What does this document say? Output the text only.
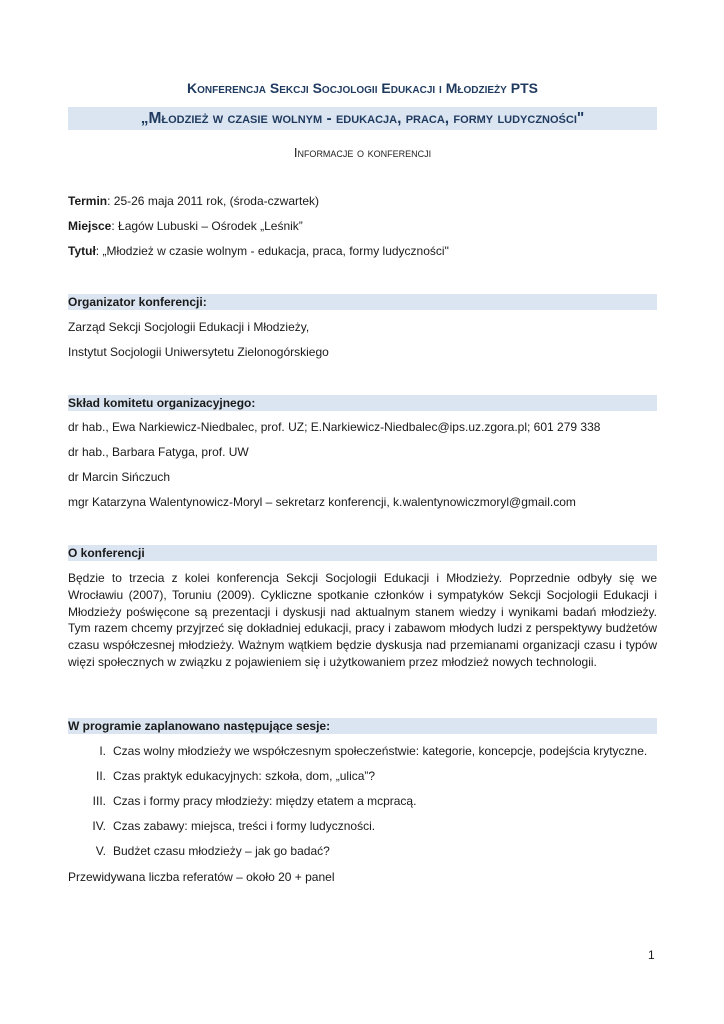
Konferencja Sekcji Socjologii Edukacji i Młodzieży PTS
„Młodzież w czasie wolnym - edukacja, praca, formy ludyczności"
Informacje o konferencji
Termin: 25-26 maja 2011 rok, (środa-czwartek)
Miejsce: Łagów Lubuski – Ośrodek „Leśnik”
Tytuł: „Młodzież w czasie wolnym - edukacja, praca, formy ludyczności"
Organizator konferencji:
Zarząd Sekcji Socjologii Edukacji i Młodzieży,
Instytut Socjologii Uniwersytetu Zielonogórskiego
Skład komitetu organizacyjnego:
dr hab., Ewa Narkiewicz-Niedbalec, prof. UZ; E.Narkiewicz-Niedbalec@ips.uz.zgora.pl; 601 279 338
dr hab., Barbara Fatyga, prof. UW
dr Marcin Sińczuch
mgr Katarzyna Walentynowicz-Moryl – sekretarz konferencji, k.walentynowiczmoryl@gmail.com
O konferencji
Będzie to trzecia z kolei konferencja Sekcji Socjologii Edukacji i Młodzieży. Poprzednie odbyły się we Wrocławiu (2007), Toruniu (2009). Cykliczne spotkanie członków i sympatyków Sekcji Socjologii Edukacji i Młodzieży poświęcone są prezentacji i dyskusji nad aktualnym stanem wiedzy i wynikami badań młodzieży. Tym razem chcemy przyjrzeć się dokładniej edukacji, pracy i zabawom młodych ludzi z perspektywy budżetów czasu współczesnej młodzieży. Ważnym wątkiem będzie dyskusja nad przemianami organizacji czasu i typów więzi społecznych w związku z pojawieniem się i użytkowaniem przez młodzież nowych technologii.
W programie zaplanowano następujące sesje:
I. Czas wolny młodzieży we współczesnym społeczeństwie: kategorie, koncepcje, podejścia krytyczne.
II. Czas praktyk edukacyjnych: szkoła, dom, „ulica”?
III. Czas i formy pracy młodzieży: między etatem a mcpracą.
IV. Czas zabawy: miejsca, treści i formy ludyczności.
V. Budżet czasu młodzieży – jak go badać?
Przewidywana liczba referatów – około 20 + panel
1
